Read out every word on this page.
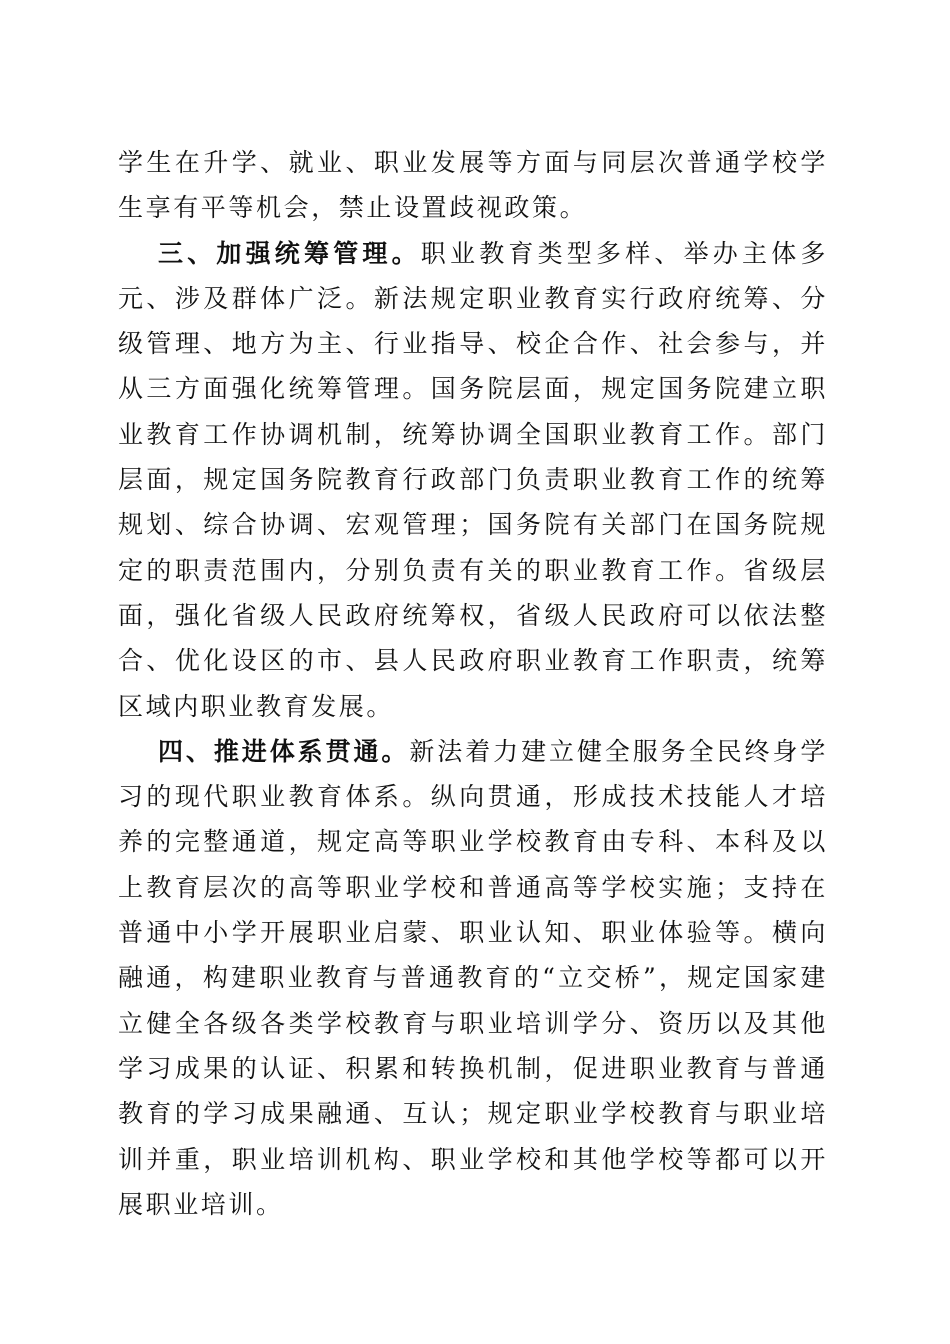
学生在升学、就业、职业发展等方面与同层次普通学校学生享有平等机会，禁止设置歧视政策。

三、加强统筹管理。职业教育类型多样、举办主体多元、涉及群体广泛。新法规定职业教育实行政府统筹、分级管理、地方为主、行业指导、校企合作、社会参与，并从三方面强化统筹管理。国务院层面，规定国务院建立职业教育工作协调机制，统筹协调全国职业教育工作。部门层面，规定国务院教育行政部门负责职业教育工作的统筹规划、综合协调、宏观管理；国务院有关部门在国务院规定的职责范围内，分别负责有关的职业教育工作。省级层面，强化省级人民政府统筹权，省级人民政府可以依法整合、优化设区的市、县人民政府职业教育工作职责，统筹区域内职业教育发展。

四、推进体系贯通。新法着力建立健全服务全民终身学习的现代职业教育体系。纵向贯通，形成技术技能人才培养的完整通道，规定高等职业学校教育由专科、本科及以上教育层次的高等职业学校和普通高等学校实施；支持在普通中小学开展职业启蒙、职业认知、职业体验等。横向融通，构建职业教育与普通教育的“立交桥”，规定国家建立健全各级各类学校教育与职业培训学分、资历以及其他学习成果的认证、积累和转换机制，促进职业教育与普通教育的学习成果融通、互认；规定职业学校教育与职业培训并重，职业培训机构、职业学校和其他学校等都可以开展职业培训。
